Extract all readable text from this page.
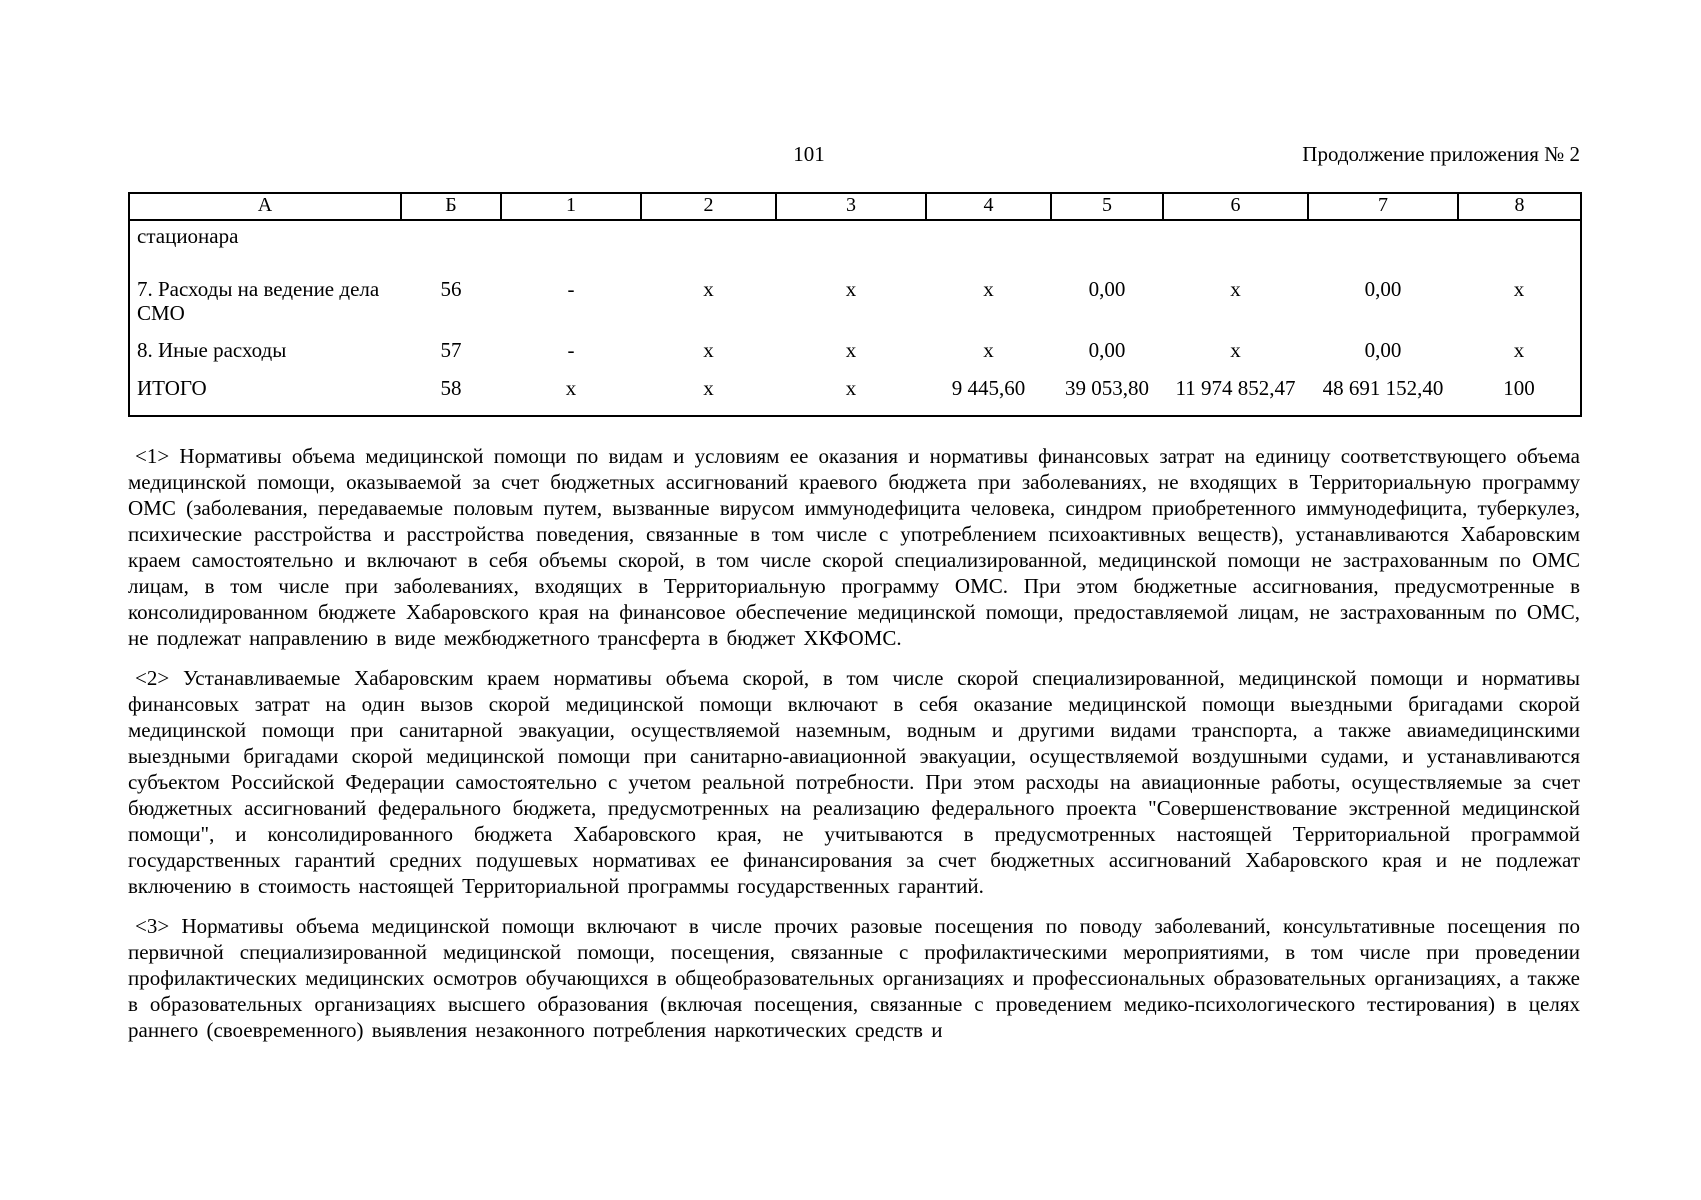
101	Продолжение приложения № 2
А	Б	1	2	3	4	5	6	7	8
стационара									
7. Расходы на ведение дела СМО	56	-	х	х	х	0,00	х	0,00	х
8. Иные расходы	57	-	х	х	х	0,00	х	0,00	х
ИТОГО	58	х	х	х	9 445,60	39 053,80	11 974 852,47	48 691 152,40	100

<1> Нормативы объема медицинской помощи по видам и условиям ее оказания и нормативы финансовых затрат на единицу соответствующего объема медицинской помощи, оказываемой за счет бюджетных ассигнований краевого бюджета при заболеваниях, не входящих в Территориальную программу ОМС (заболевания, передаваемые половым путем, вызванные вирусом иммунодефицита человека, синдром приобретенного иммунодефицита, туберкулез, психические расстройства и расстройства поведения, связанные в том числе с употреблением психоактивных веществ), устанавливаются Хабаровским краем самостоятельно и включают в себя объемы скорой, в том числе скорой специализированной, медицинской помощи не застрахованным по ОМС лицам, в том числе при заболеваниях, входящих в Территориальную программу ОМС. При этом бюджетные ассигнования, предусмотренные в консолидированном бюджете Хабаровского края на финансовое обеспечение медицинской помощи, предоставляемой лицам, не застрахованным по ОМС, не подлежат направлению в виде межбюджетного трансферта в бюджет ХКФОМС.

<2> Устанавливаемые Хабаровским краем нормативы объема скорой, в том числе скорой специализированной, медицинской помощи и нормативы финансовых затрат на один вызов скорой медицинской помощи включают в себя оказание медицинской помощи выездными бригадами скорой медицинской помощи при санитарной эвакуации, осуществляемой наземным, водным и другими видами транспорта, а также авиамедицинскими выездными бригадами скорой медицинской помощи при санитарно-авиационной эвакуации, осуществляемой воздушными судами, и устанавливаются субъектом Российской Федерации самостоятельно с учетом реальной потребности. При этом расходы на авиационные работы, осуществляемые за счет бюджетных ассигнований федерального бюджета, предусмотренных на реализацию федерального проекта "Совершенствование экстренной медицинской помощи", и консолидированного бюджета Хабаровского края, не учитываются в предусмотренных настоящей Территориальной программой государственных гарантий средних подушевых нормативах ее финансирования за счет бюджетных ассигнований Хабаровского края и не подлежат включению в стоимость настоящей Территориальной программы государственных гарантий.

<3> Нормативы объема медицинской помощи включают в числе прочих разовые посещения по поводу заболеваний, консультативные посещения по первичной специализированной медицинской помощи, посещения, связанные с профилактическими мероприятиями, в том числе при проведении профилактических медицинских осмотров обучающихся в общеобразовательных организациях и профессиональных образовательных организациях, а также в образовательных организациях высшего образования (включая посещения, связанные с проведением медико-психологического тестирования) в целях раннего (своевременного) выявления незаконного потребления наркотических средств и
